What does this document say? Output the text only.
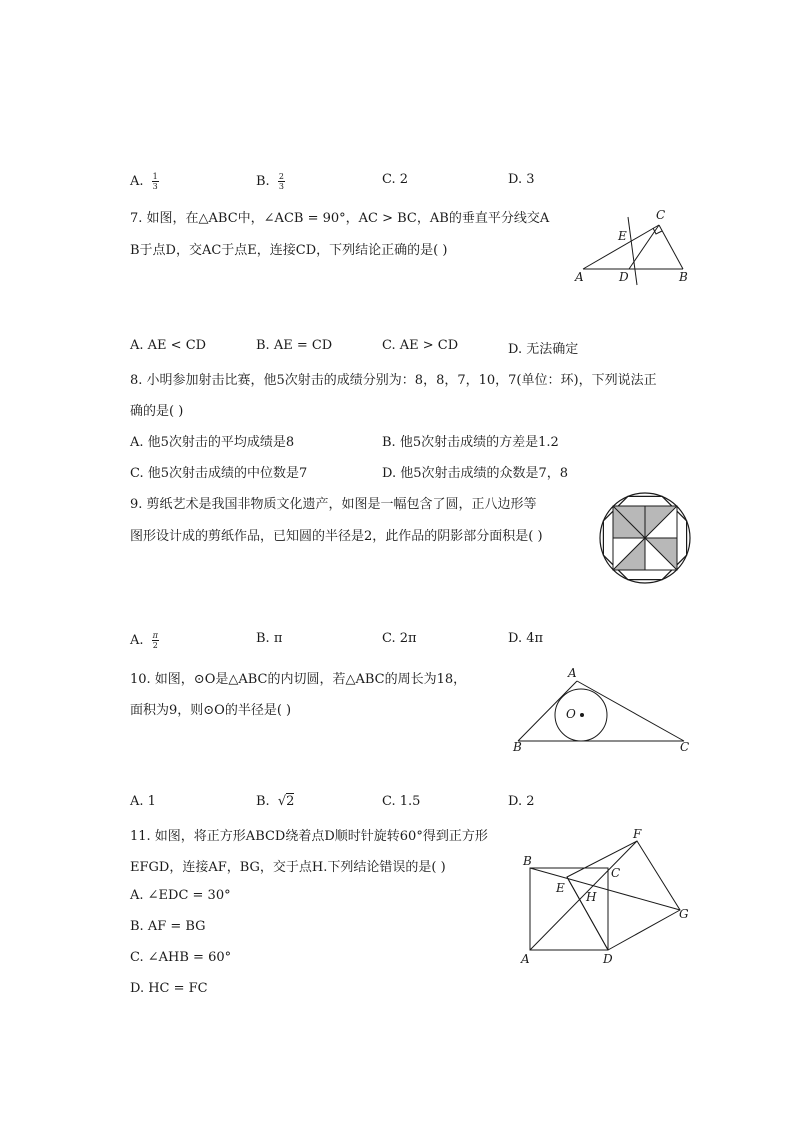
A. $\frac{1}{3}$	B. $\frac{2}{3}$	C. 2	D. 3
7. 如图，在△ABC中，∠ACB = 90°，AC > BC，AB的垂直平分线交A
B于点D，交AC于点E，连接CD，下列结论正确的是( )
A	D	B
C
E
A. AE < CD	B. AE = CD	C. AE > CD	D. 无法确定
8. 小明参加射击比赛，他5次射击的成绩分别为：8，8，7，10，7(单位：环)，下列说法正
确的是( )
A. 他5次射击的平均成绩是8	B. 他5次射击成绩的方差是1.2
C. 他5次射击成绩的中位数是7	D. 他5次射击成绩的众数是7，8
9. 剪纸艺术是我国非物质文化遗产，如图是一幅包含了圆，正八边形等
图形设计成的剪纸作品，已知圆的半径是2，此作品的阴影部分面积是( )
A. $\frac{\pi}{2}$	B. π	C. 2π	D. 4π
10. 如图，⊙O是△ABC的内切圆，若△ABC的周长为18，
面积为9，则⊙O的半径是( )
A
B	C
O
A. 1	B. √2	C. 1.5	D. 2
11. 如图，将正方形ABCD绕着点D顺时针旋转60°得到正方形
EFGD，连接AF，BG，交于点H.下列结论错误的是( )
A. ∠EDC = 30°
B. AF = BG
C. ∠AHB = 60°
D. HC = FC
B
C
A	D
E
F
G
H
